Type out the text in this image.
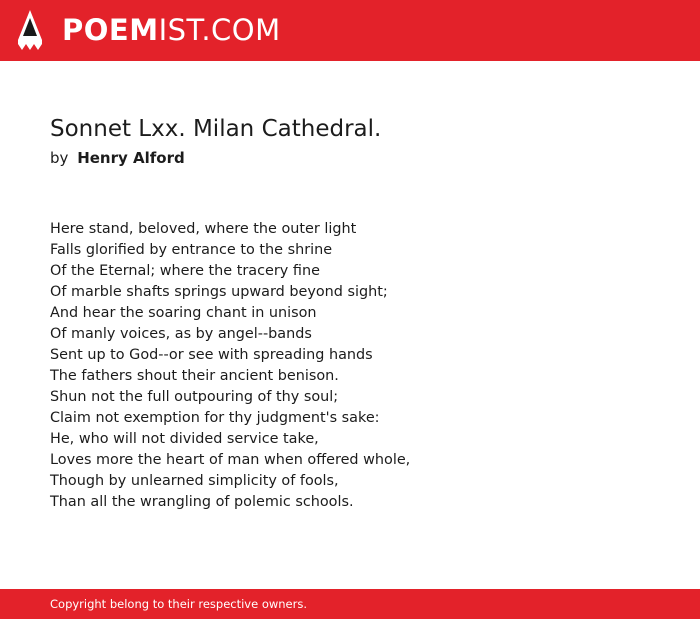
POEMIST.COM
Sonnet Lxx. Milan Cathedral.
by Henry Alford
Here stand, beloved, where the outer light
Falls glorified by entrance to the shrine
Of the Eternal; where the tracery fine
Of marble shafts springs upward beyond sight;
And hear the soaring chant in unison
Of manly voices, as by angel--bands
Sent up to God--or see with spreading hands
The fathers shout their ancient benison.
Shun not the full outpouring of thy soul;
Claim not exemption for thy judgment's sake:
He, who will not divided service take,
Loves more the heart of man when offered whole,
Though by unlearned simplicity of fools,
Than all the wrangling of polemic schools.
Copyright belong to their respective owners.
